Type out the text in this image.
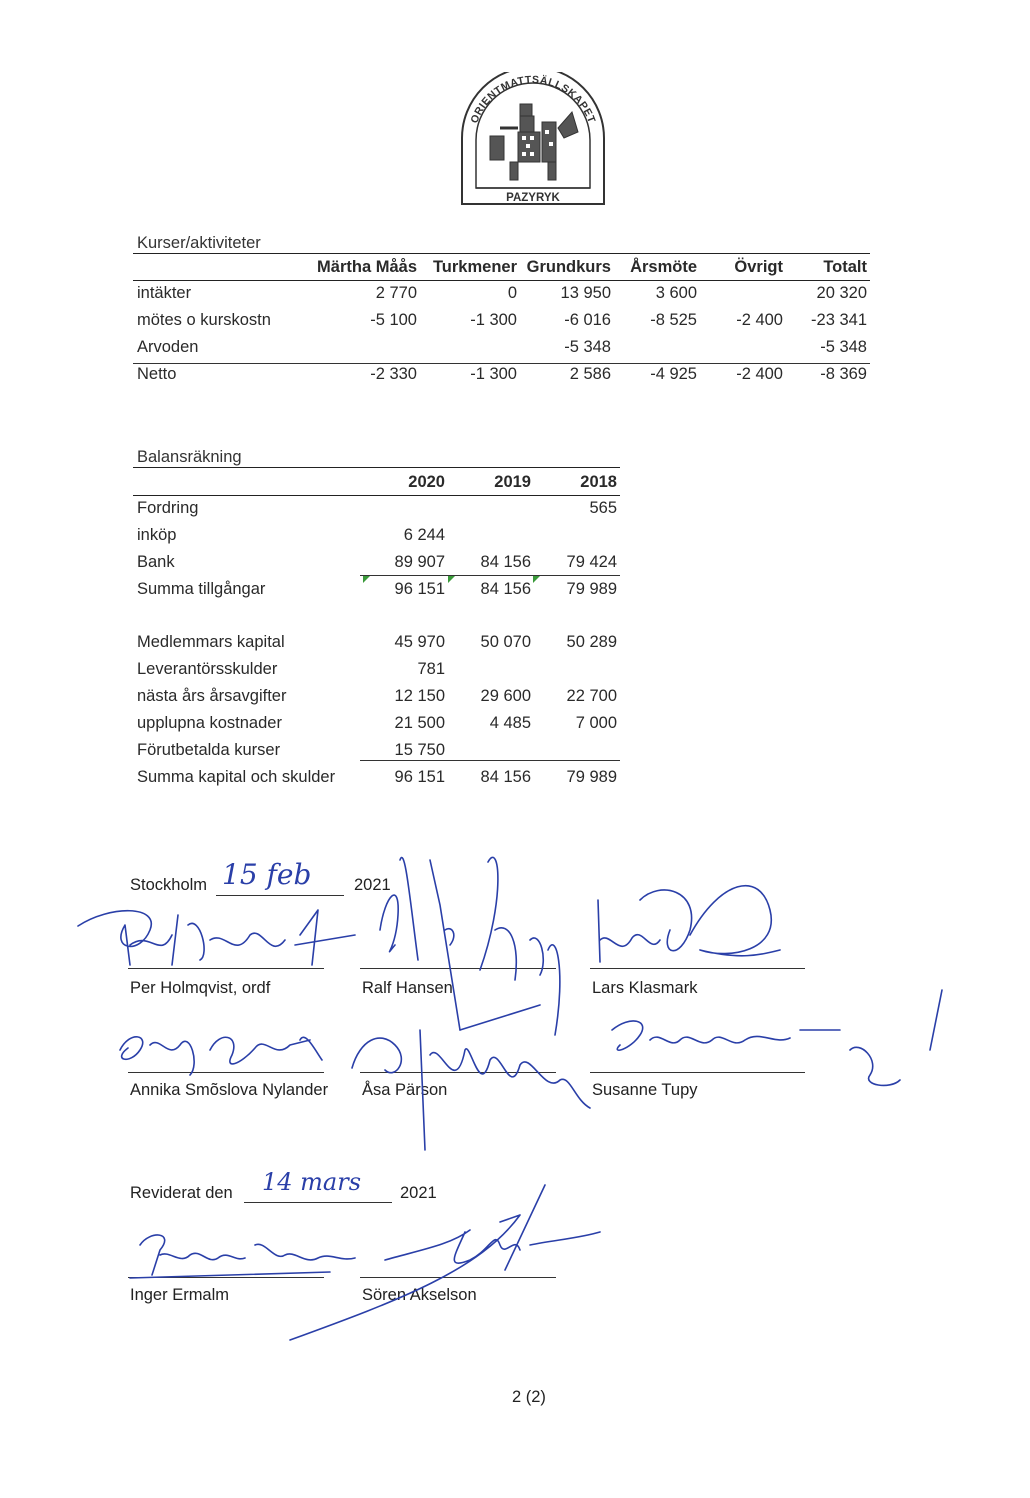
ORIENTMATTSÄLLSKAPET
PAZYRYK
Kurser/aktiviteter
	Märtha Måås	Turkmener	Grundkurs	Årsmöte	Övrigt	Totalt
intäkter	2 770	0	13 950	3 600		20 320
mötes o kurskostn	-5 100	-1 300	-6 016	-8 525	-2 400	-23 341
Arvoden			-5 348			-5 348
Netto	-2 330	-1 300	2 586	-4 925	-2 400	-8 369
Balansräkning
	2020	2019	2018
Fordring			565
inköp	6 244		
Bank	89 907	84 156	79 424
Summa tillgångar	96 151	84 156	79 989

Medlemmars kapital	45 970	50 070	50 289
Leverantörsskulder	781		
nästa års årsavgifter	12 150	29 600	22 700
upplupna kostnader	21 500	4 485	7 000
Förutbetalda kurser	15 750		
Summa kapital och skulder	96 151	84 156	79 989
Stockholm 15 feb	2021
Per Holmqvist, ordf	Ralf Hansen	Lars Klasmark
Annika Smõslova Nylander Åsa Pärson	Susanne Tupy
Reviderat den 14 mars 2021
Inger Ermalm	Sören Akselson
2 (2)
